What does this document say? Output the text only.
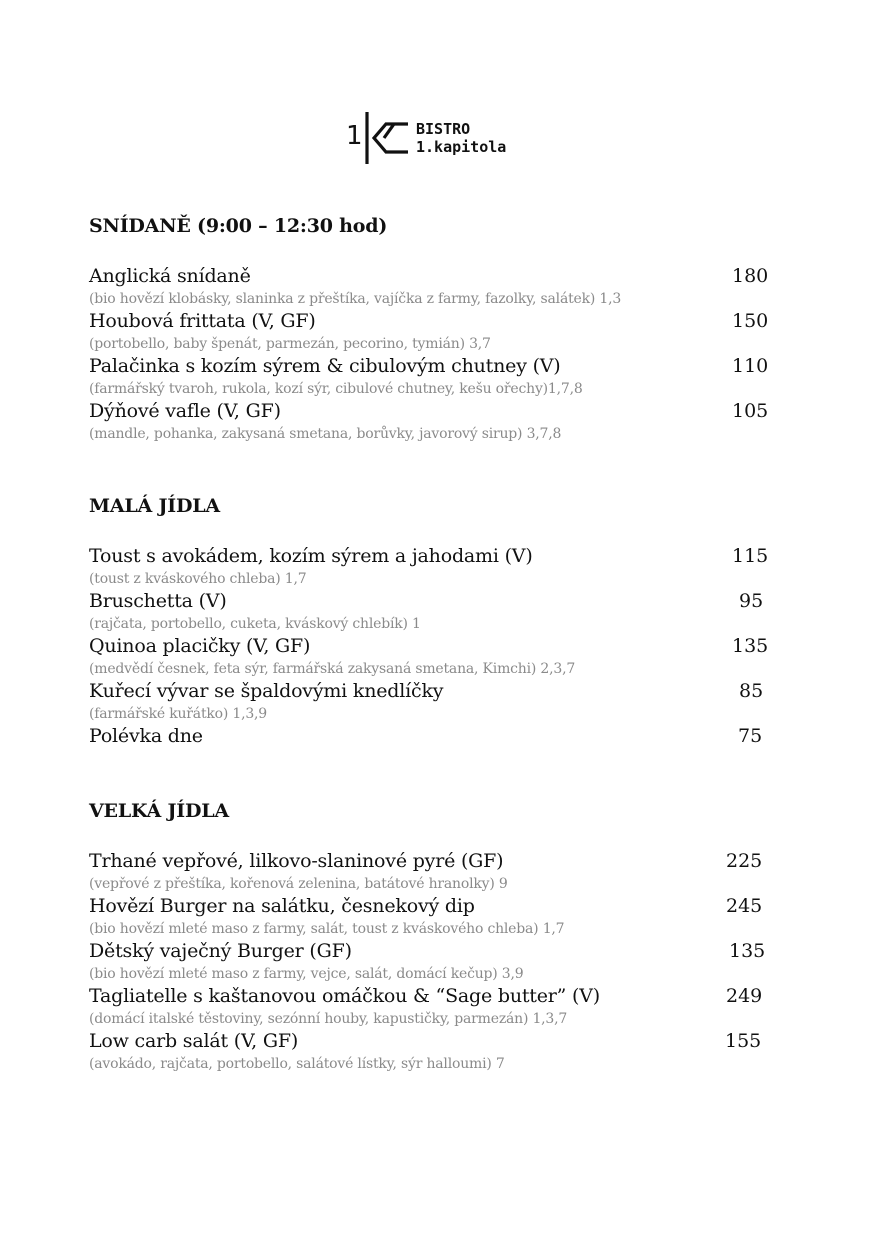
1	BISTRO
1.kapitola
SNÍDANĚ (9:00 – 12:30 hod)
Anglická snídaně	180
(bio hovězí klobásky, slaninka z přeštíka, vajíčka z farmy, fazolky, salátek) 1,3
Houbová frittata (V, GF)	150
(portobello, baby špenát, parmezán, pecorino, tymián) 3,7
Palačinka s kozím sýrem & cibulovým chutney (V)	110
(farmářský tvaroh, rukola, kozí sýr, cibulové chutney, kešu ořechy)1,7,8
Dýňové vafle (V, GF)	105
(mandle, pohanka, zakysaná smetana, borůvky, javorový sirup) 3,7,8
MALÁ JÍDLA
Toust s avokádem, kozím sýrem a jahodami (V)	115
(toust z kváskového chleba) 1,7
Bruschetta (V)	95
(rajčata, portobello, cuketa, kváskový chlebík) 1
Quinoa placičky (V, GF)	135
(medvědí česnek, feta sýr, farmářská zakysaná smetana, Kimchi) 2,3,7
Kuřecí vývar se špaldovými knedlíčky	85
(farmářské kuřátko) 1,3,9
Polévka dne	75
VELKÁ JÍDLA
Trhané vepřové, lilkovo-slaninové pyré (GF)	225
(vepřové z přeštíka, kořenová zelenina, batátové hranolky) 9
Hovězí Burger na salátku, česnekový dip	245
(bio hovězí mleté maso z farmy, salát, toust z kváskového chleba) 1,7
Dětský vaječný Burger (GF)	135
(bio hovězí mleté maso z farmy, vejce, salát, domácí kečup) 3,9
Tagliatelle s kaštanovou omáčkou & “Sage butter” (V)	249
(domácí italské těstoviny, sezónní houby, kapustičky, parmezán) 1,3,7
Low carb salát (V, GF)	155
(avokádo, rajčata, portobello, salátové lístky, sýr halloumi) 7
